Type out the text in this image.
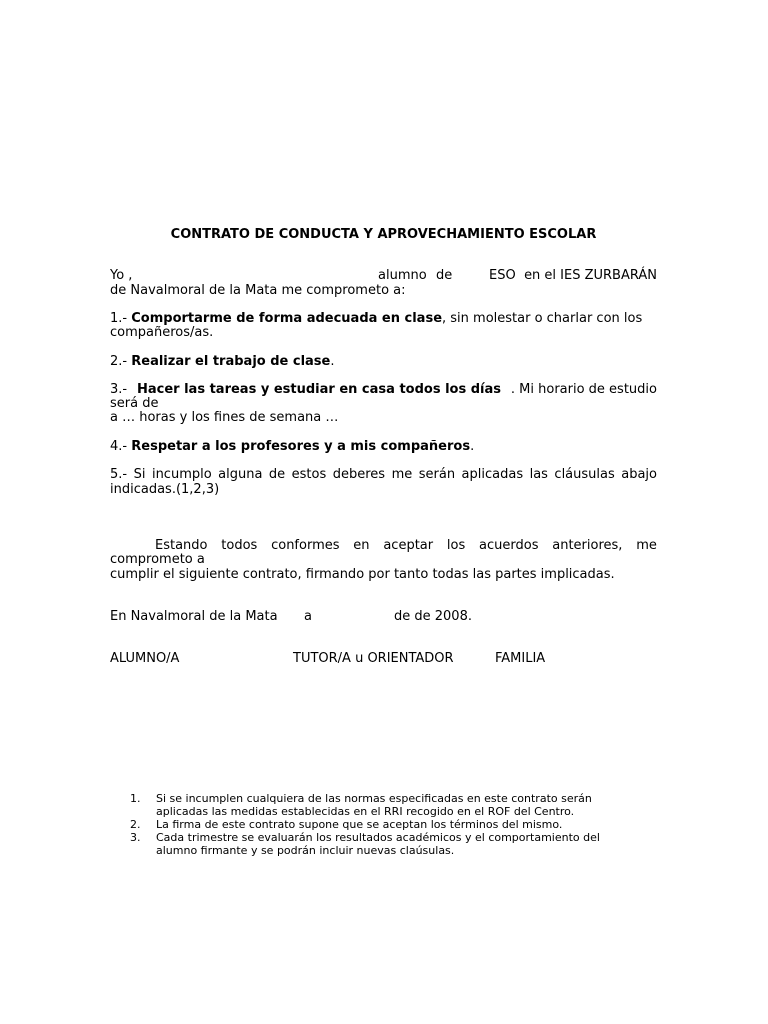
CONTRATO DE CONDUCTA Y APROVECHAMIENTO ESCOLAR
Yo ,	alumno de	ESO en el IES ZURBARÁN
de Navalmoral de la Mata me comprometo a:
1.- Comportarme de forma adecuada en clase, sin molestar o charlar con los
compañeros/as.
2.- Realizar el trabajo de clase.
3.- Hacer las tareas y estudiar en casa todos los días . Mi horario de estudio
será de
a … horas y los fines de semana …
4.- Respetar a los profesores y a mis compañeros.
5.- Si incumplo alguna de estos deberes me serán aplicadas las cláusulas abajo
indicadas.(1,2,3)
Estando todos conformes en aceptar los acuerdos anteriores, me
comprometo a
cumplir el siguiente contrato, firmando por tanto todas las partes implicadas.
En Navalmoral de la Mata a	de de 2008.
ALUMNO/A	TUTOR/A u ORIENTADOR	FAMILIA
1.	Si se incumplen cualquiera de las normas especificadas en este contrato serán
aplicadas las medidas establecidas en el RRI recogido en el ROF del Centro.
2.	La firma de este contrato supone que se aceptan los términos del mismo.
3.	Cada trimestre se evaluarán los resultados académicos y el comportamiento del
alumno firmante y se podrán incluir nuevas claúsulas.
